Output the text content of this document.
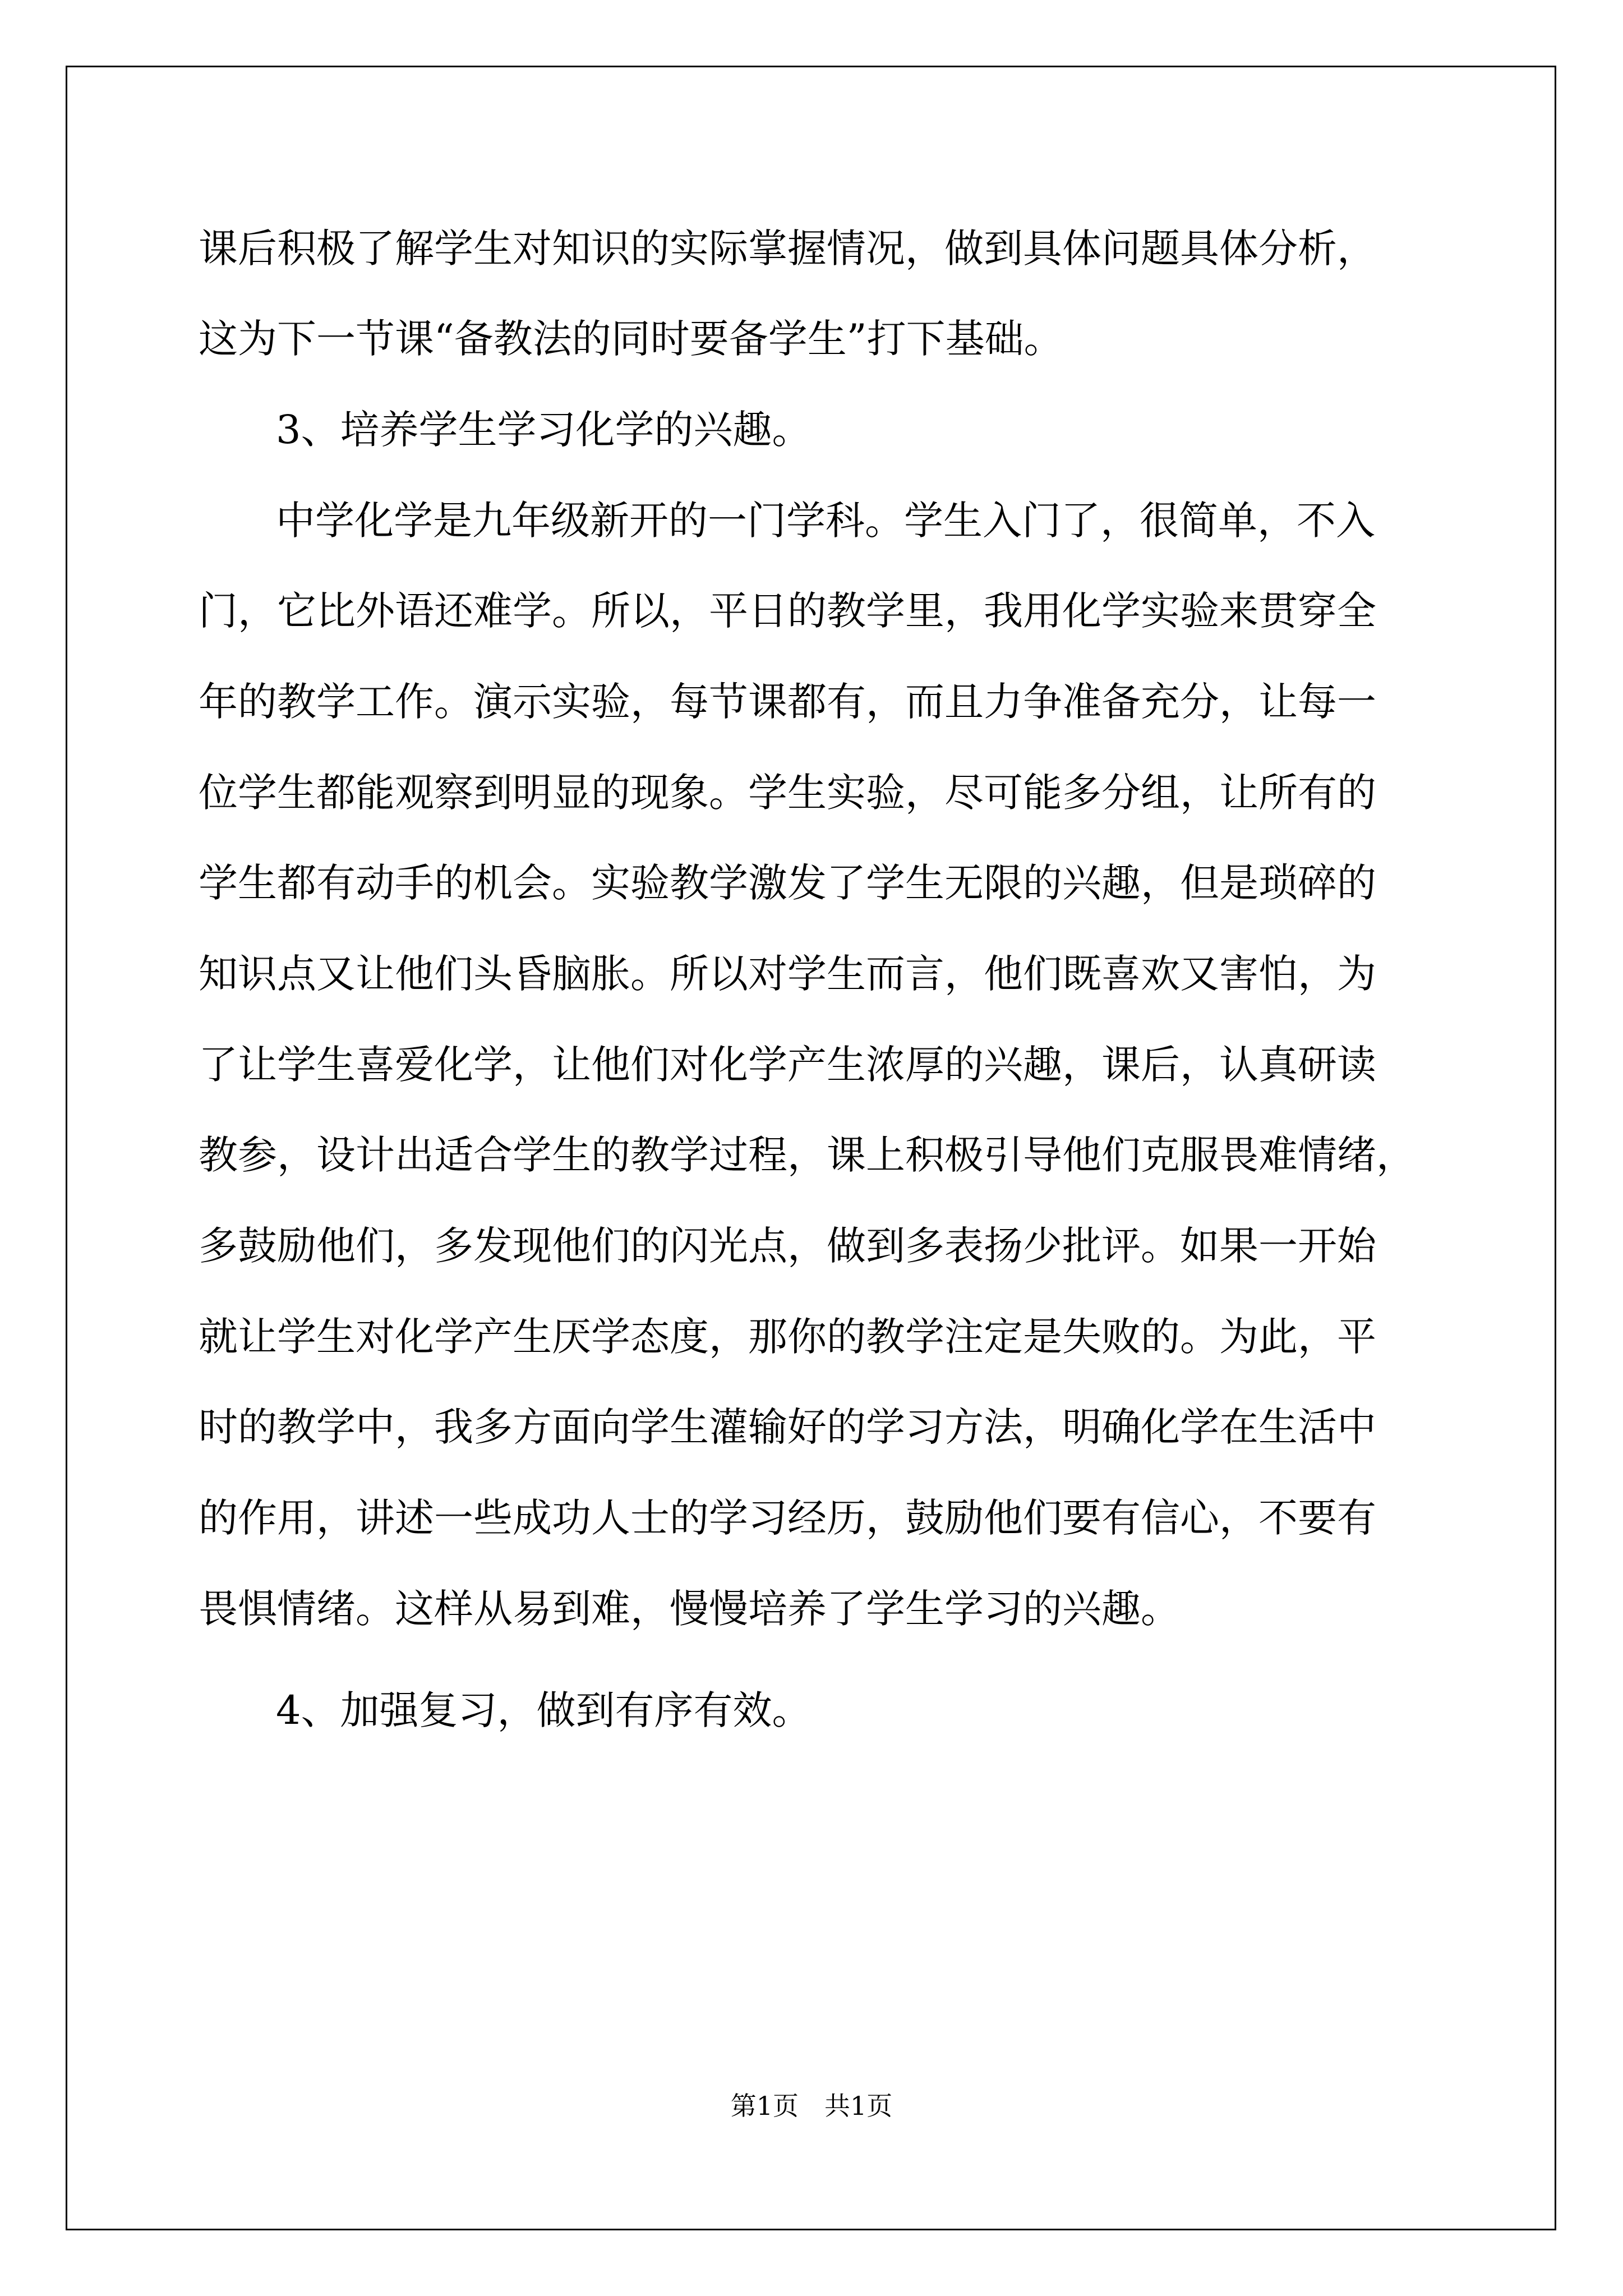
课后积极了解学生对知识的实际掌握情况，做到具体问题具体分析，

这为下一节课“备教法的同时要备学生”打下基础。

3、培养学生学习化学的兴趣。

中学化学是九年级新开的一门学科。学生入门了，很简单，不入

门，它比外语还难学。所以，平日的教学里，我用化学实验来贯穿全

年的教学工作。演示实验，每节课都有，而且力争准备充分，让每一

位学生都能观察到明显的现象。学生实验，尽可能多分组，让所有的

学生都有动手的机会。实验教学激发了学生无限的兴趣，但是琐碎的

知识点又让他们头昏脑胀。所以对学生而言，他们既喜欢又害怕，为

了让学生喜爱化学，让他们对化学产生浓厚的兴趣，课后，认真研读

教参，设计出适合学生的教学过程，课上积极引导他们克服畏难情绪，

多鼓励他们，多发现他们的闪光点，做到多表扬少批评。如果一开始

就让学生对化学产生厌学态度，那你的教学注定是失败的。为此，平

时的教学中，我多方面向学生灌输好的学习方法，明确化学在生活中

的作用，讲述一些成功人士的学习经历，鼓励他们要有信心，不要有

畏惧情绪。这样从易到难，慢慢培养了学生学习的兴趣。

4、加强复习，做到有序有效。

第1页　共1页
